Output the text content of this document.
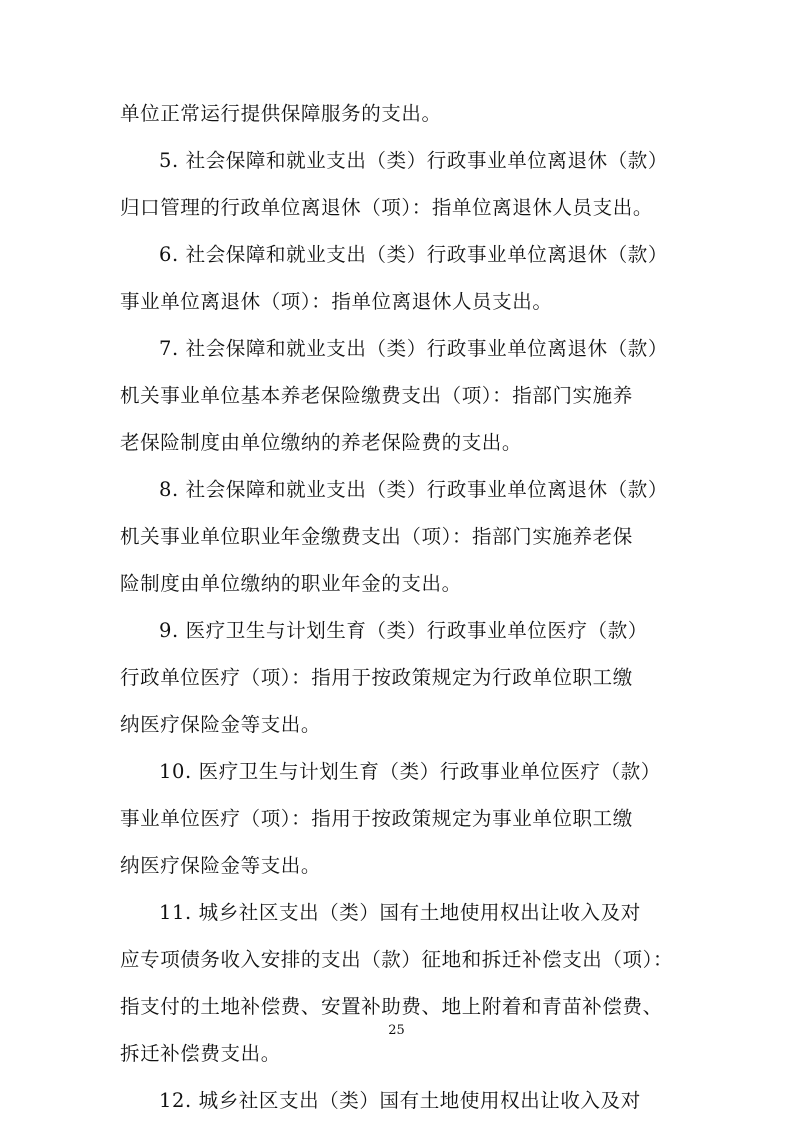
单位正常运行提供保障服务的支出。
5. 社会保障和就业支出（类）行政事业单位离退休（款）
归口管理的行政单位离退休（项）：指单位离退休人员支出。
6. 社会保障和就业支出（类）行政事业单位离退休（款）
事业单位离退休（项）：指单位离退休人员支出。
7. 社会保障和就业支出（类）行政事业单位离退休（款）
机关事业单位基本养老保险缴费支出（项）：指部门实施养
老保险制度由单位缴纳的养老保险费的支出。
8. 社会保障和就业支出（类）行政事业单位离退休（款）
机关事业单位职业年金缴费支出（项）：指部门实施养老保
险制度由单位缴纳的职业年金的支出。
9. 医疗卫生与计划生育（类）行政事业单位医疗（款）
行政单位医疗（项）：指用于按政策规定为行政单位职工缴
纳医疗保险金等支出。
10. 医疗卫生与计划生育（类）行政事业单位医疗（款）
事业单位医疗（项）：指用于按政策规定为事业单位职工缴
纳医疗保险金等支出。
11. 城乡社区支出（类）国有土地使用权出让收入及对
应专项债务收入安排的支出（款）征地和拆迁补偿支出（项）：
指支付的土地补偿费、安置补助费、地上附着和青苗补偿费、
拆迁补偿费支出。
12. 城乡社区支出（类）国有土地使用权出让收入及对
25
